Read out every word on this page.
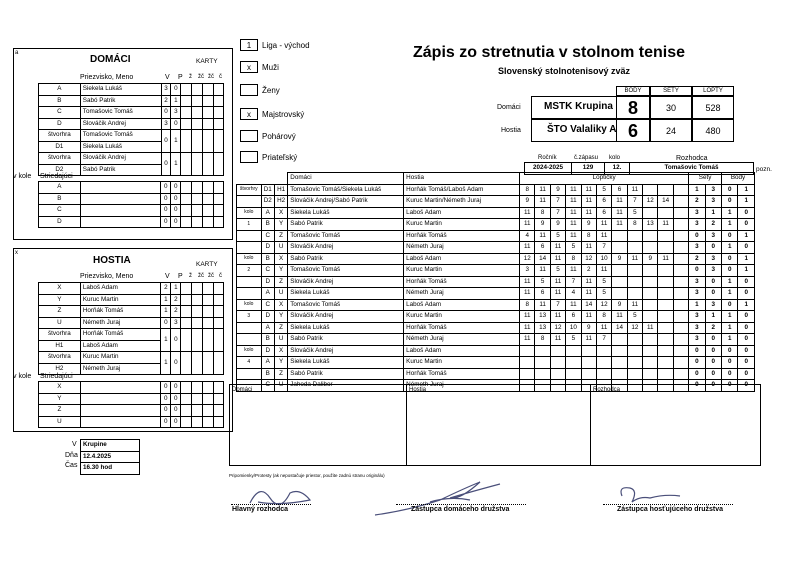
a
DOMÁCI	KARTY
Priezvisko, Meno	V P ž žč žč č
A	Siekela Lukáš	3	0				
B	Sabó Patrik	2	1				
C	Tomašovic Tomáš	0	3				
D	Slováčik Andrej	3	0				
štvorhra	Tomašovic Tomáš	0	1				
D1	Siekela Lukáš						
štvorhra	Slováčik Andrej	0	1				
D2	Sabó Patrik						
v kole Striedajúci
A		0	0				
B		0	0				
C		0	0				
D		0	0				
x
HOSTIA	KARTY
Priezvisko, Meno	V P ž žč žč č
X	Laboš Adam	2	1				
Y	Kuruc Martin	1	2				
Z	Horňák Tomáš	1	2				
U	Németh Juraj	0	3				
štvorhra	Horňák Tomáš	1	0				
H1	Laboš Adam						
štvorhra	Kuruc Martin	1	0				
H2	Németh Juraj						
v kole Striedajúci
X		0	0				
Y		0	0				
Z		0	0				
U		0	0				
V
Dňa
Čas
Krupine
12.4.2025
16.30 hod
1	Liga - východ	Zápis zo stretnutia v stolnom tenise
Slovenský stolnotenisový zväz
x	Muži
Ženy
x	Majstrovský
Pohárový
Priateľský
BODY	SETY	LOPTY
Domáci MSTK Krupina 8	30	528
Hostia	ŠTO Valaliky A 6	24	480
Ročník	č.zápasu kolo	Rozhodca
2024-2025	129	12.	Tomašovic Tomáš	pozn.
			Domáci	Hostia	Loptičky											Sety		Body	
štvorhry	D1	H1	Tomašovic Tomáš/Siekela Lukáš	Horňák Tomáš/Laboš Adam	8	11	9	11	11	5	6	11				1	3	0	1
	D2	H2	Slováčik Andrej/Sabó Patrik	Kuruc Martin/Németh Juraj	9	11	7	11	11	6	11	7	12	14		2	3	0	1
kolo	A	X	Siekela Lukáš	Laboš Adam	11	8	7	11	11	6	11	5				3	1	1	0
1	B	Y	Sabó Patrik	Kuruc Martin	11	9	9	11	9	11	11	8	13	11		3	2	1	0
	C	Z	Tomašovic Tomáš	Horňák Tomáš	4	11	5	11	8	11						0	3	0	1
	D	U	Slováčik Andrej	Németh Juraj	11	6	11	5	11	7						3	0	1	0
kolo	B	X	Sabó Patrik	Laboš Adam	12	14	11	8	12	10	9	11	9	11		2	3	0	1
2	C	Y	Tomašovic Tomáš	Kuruc Martin	3	11	5	11	2	11						0	3	0	1
	D	Z	Slováčik Andrej	Horňák Tomáš	11	5	11	7	11	5						3	0	1	0
	A	U	Siekela Lukáš	Németh Juraj	11	6	11	4	11	5						3	0	1	0
kolo	C	X	Tomašovic Tomáš	Laboš Adam	8	11	7	11	14	12	9	11				1	3	0	1
3	D	Y	Slováčik Andrej	Kuruc Martin	11	13	11	6	11	8	11	5				3	1	1	0
	A	Z	Siekela Lukáš	Horňák Tomáš	11	13	12	10	9	11	14	12	11			3	2	1	0
	B	U	Sabó Patrik	Németh Juraj	11	8	11	5	11	7						3	0	1	0
kolo	D	X	Slováčik Andrej	Laboš Adam												0	0	0	0
4	A	Y	Siekela Lukáš	Kuruc Martin												0	0	0	0
	B	Z	Sabó Patrik	Horňák Tomáš												0	0	0	0
	C	U	Jahoda Dalibor	Németh Juraj												0	0	0	0
Domáci	Hostia	Rozhodca
Pripomienky/Protesty (ak nepostačuje priestor, použite zadnú stranu originálu)
Hlavný rozhodca	Zástupca domáceho družstva	Zástupca hosťujúceho družstva
